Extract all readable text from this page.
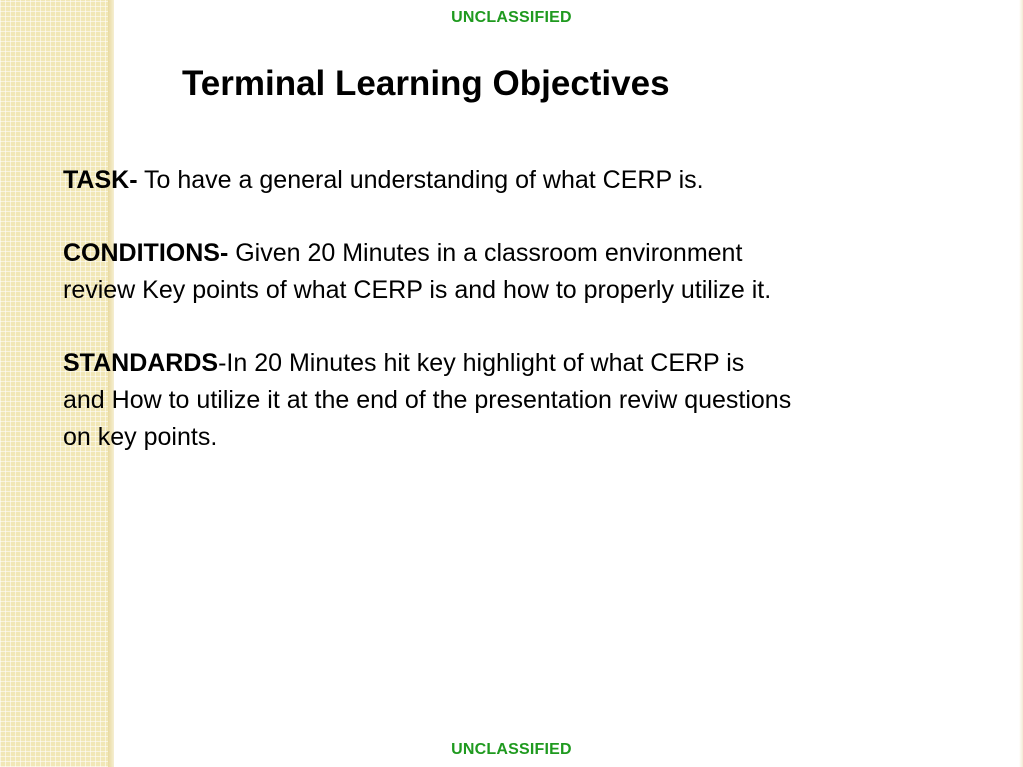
UNCLASSIFIED
Terminal Learning Objectives

TASK- To have a general understanding of what CERP is.

CONDITIONS- Given 20 Minutes in a classroom environment
review Key points of what CERP is and how to properly utilize it.

STANDARDS-In 20 Minutes hit key highlight of what CERP is
and How to utilize it at the end of the presentation reviw questions
on key points.

UNCLASSIFIED
